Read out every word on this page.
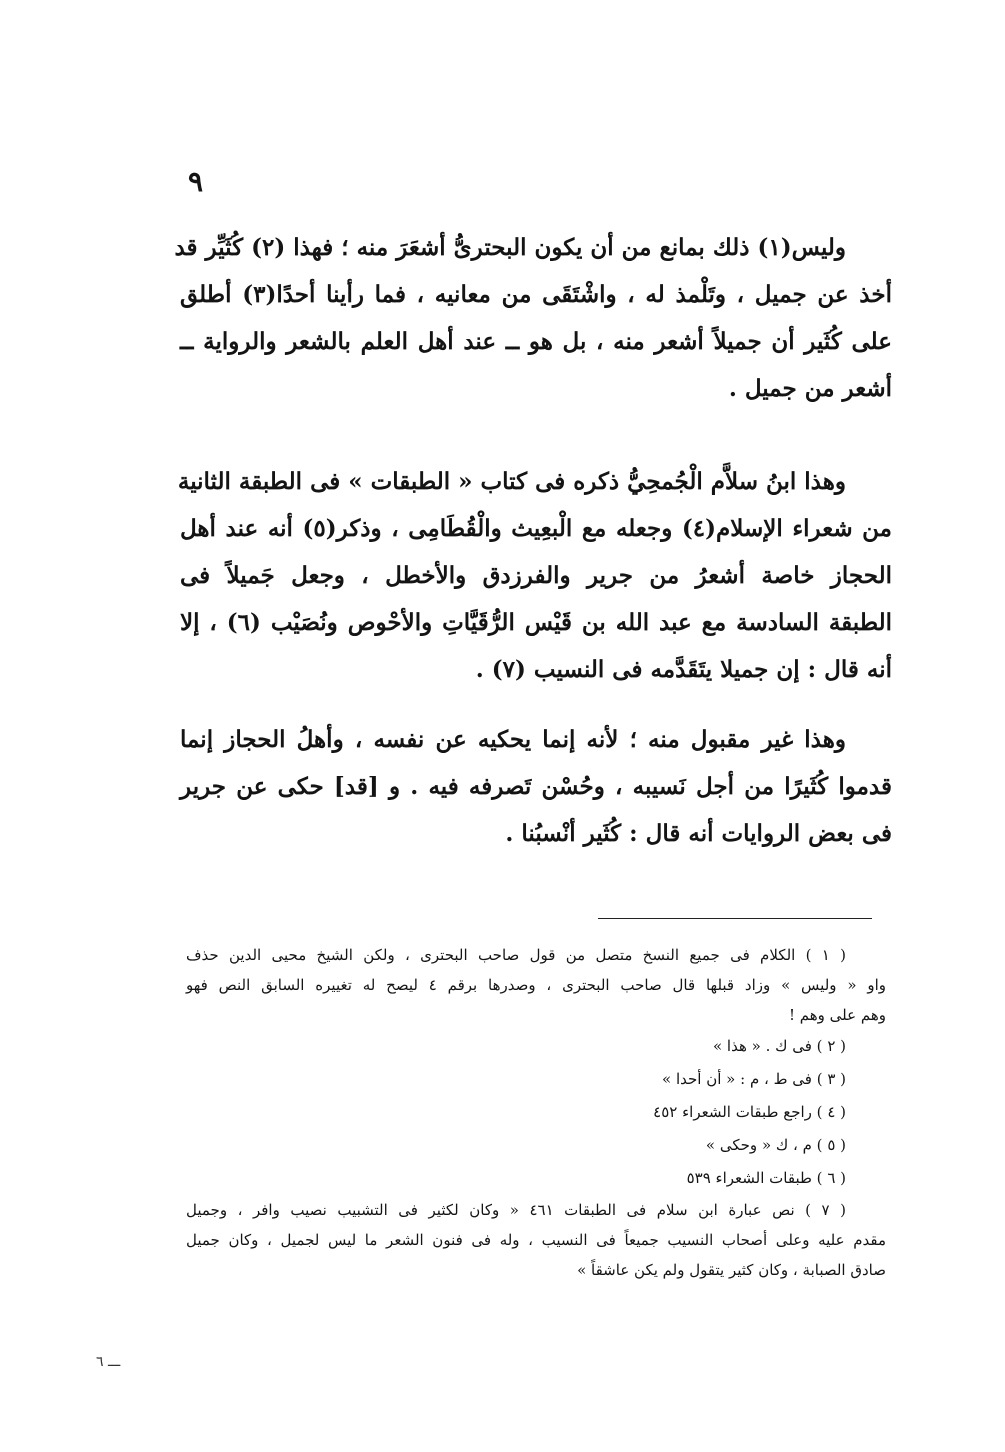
٩
وليس(١) ذلك بمانع من أن يكون البحترىُّ أشعَرَ منه ؛ فهذا (٢) كُثَيِّر قد
أخذ عن جميل ، وتَلْمذ له ، واشْتَقَى من معانيه ، فما رأينا أحدًا(٣) أطلق
على كُثَير أن جميلاً أشعر منه ، بل هو ــ عند أهل العلم بالشعر والرواية ــ
أشعر من جميل .
وهذا ابنُ سلاَّم الْجُمحِيُّ ذكره فى كتاب « الطبقات » فى الطبقة الثانية
من شعراء الإسلام(٤) وجعله مع الْبعِيث والْقُطَامِى ، وذكر(٥) أنه عند أهل
الحجاز خاصة أشعرُ من جرير والفرزدق والأخطل ، وجعل جَميلاً فى
الطبقة السادسة مع عبد الله بن قَيْس الرُّقَيَّاتِ والأحْوص ونُصَيْب (٦) ، إلا
أنه قال : إن جميلا يتَقَدَّمه فى النسيب (٧) .
وهذا غير مقبول منه ؛ لأنه إنما يحكيه عن نفسه ، وأهلُ الحجاز إنما
قدموا كُثَيرًا من أجل نَسيبه ، وحُسْن تَصرفه فيه . و [قد] حكى عن جرير
فى بعض الروايات أنه قال : كُثَير أنْسبُنا .
( ١ ) الكلام فى جميع النسخ متصل من قول صاحب البحترى ، ولكن الشيخ محيى الدين حذف
واو « وليس » وزاد قبلها قال صاحب البحترى ، وصدرها برقم ٤ ليصح له تغييره السابق النص فهو
وهم على وهم !
( ٢ ) فى ك . « هذا »
( ٣ ) فى ط ، م : « أن أحدا »
( ٤ ) راجع طبقات الشعراء ٤٥٢
( ٥ ) م ، ك « وحكى »
( ٦ ) طبقات الشعراء ٥٣٩
( ٧ ) نص عبارة ابن سلام فى الطبقات ٤٦١ « وكان لكثير فى التشبيب نصيب وافر ، وجميل
مقدم عليه وعلى أصحاب النسيب جميعاً فى النسيب ، وله فى فنون الشعر ما ليس لجميل ، وكان جميل
صادق الصبابة ، وكان كثير يتقول ولم يكن عاشقاً »
ـــ ٦
